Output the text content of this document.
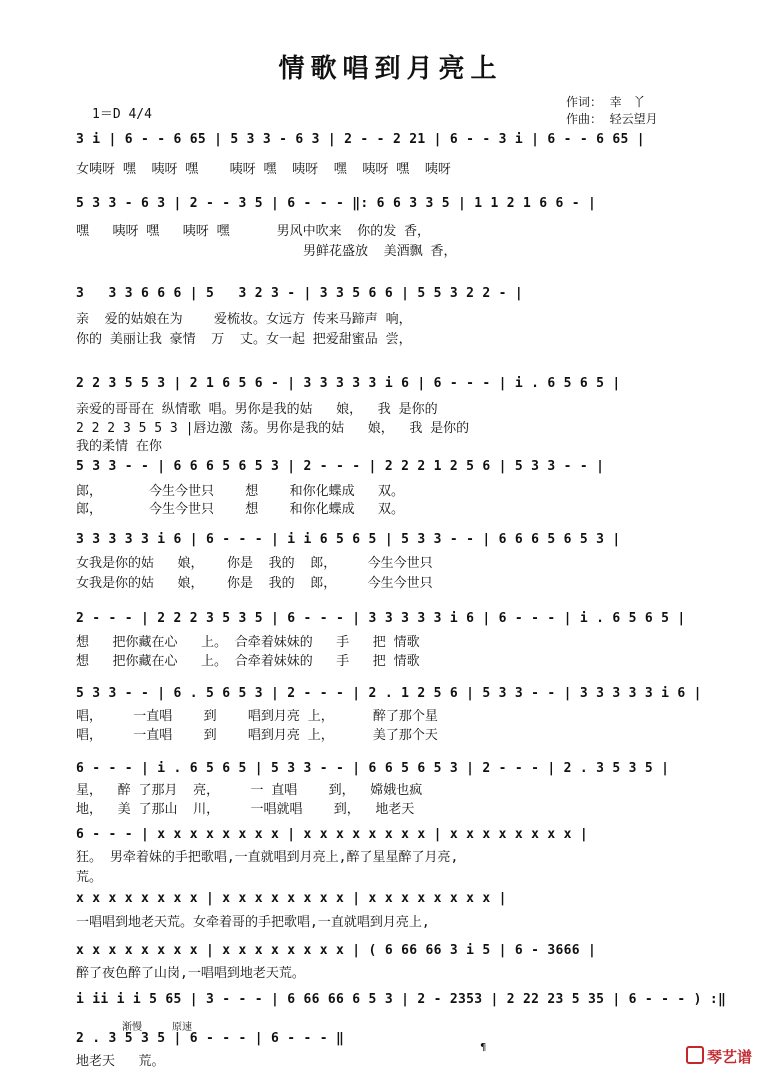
情歌唱到月亮上
1＝D 4/4
作词：  幸   丫
作曲：  轻云望月
3 i | 6 - - 6 65 | 5 3 3 - 6 3 | 2 - - 2 21 | 6 - - 3 i | 6 - - 6 65 |
女咦呀 嘿  咦呀 嘿    咦呀 嘿  咦呀  嘿  咦呀 嘿  咦呀
5 3 3 - 6 3 | 2 - - 3 5 | 6 - - - ‖: 6 6 3 3 5 | 1 1 2 1 6 6 - |
嘿   咦呀 嘿   咦呀 嘿      男风中吹来  你的发 香，
男鲜花盛放  美酒飘 香，
3   3 3 6 6 6 | 5   3 2 3 - | 3 3 5 6 6 | 5 5 3 2 2 - |
亲  爱的姑娘在为    爱梳妆。女远方 传来马蹄声 响，
你的 美丽让我 豪情  万  丈。女一起 把爱甜蜜品 尝，
2 2 3 5 5 3 | 2 1 6 5 6 - | 3 3 3 3 3 i 6 | 6 - - - | i . 6 5 6 5 |
亲爱的哥哥在 纵情歌 唱。男你是我的姑   娘，  我 是你的
2 2 2 3 5 5 3 |唇边激 荡。男你是我的姑   娘，  我 是你的
我的柔情 在你
5 3 3 - - | 6 6 6 5 6 5 3 | 2 - - - | 2 2 2 1 2 5 6 | 5 3 3 - - |
郎，      今生今世只    想    和你化蝶成   双。
郎，      今生今世只    想    和你化蝶成   双。
3 3 3 3 3 i 6 | 6 - - - | i i 6 5 6 5 | 5 3 3 - - | 6 6 6 5 6 5 3 |
女我是你的姑   娘，   你是  我的  郎，    今生今世只
女我是你的姑   娘，   你是  我的  郎，    今生今世只
2 - - - | 2 2 2 3 5 3 5 | 6 - - - | 3 3 3 3 3 i 6 | 6 - - - | i . 6 5 6 5 |
想   把你藏在心   上。 合牵着妹妹的   手   把 情歌
想   把你藏在心   上。 合牵着妹妹的   手   把 情歌
5 3 3 - - | 6 . 5 6 5 3 | 2 - - - | 2 . 1 2 5 6 | 5 3 3 - - | 3 3 3 3 3 i 6 |
唱，    一直唱    到    唱到月亮 上，     醉了那个星
唱，    一直唱    到    唱到月亮 上，     美了那个天
6 - - - | i . 6 5 6 5 | 5 3 3 - - | 6 6 5 6 5 3 | 2 - - - | 2 . 3 5 3 5 |
星，  醉 了那月  亮，    一 直唱    到，  嫦娥也疯
地，  美 了那山  川，    一唱就唱    到，  地老天
6 - - - | x x x x x x x x | x x x x x x x x | x x x x x x x x |
狂。 男牵着妹的手把歌唱,一直就唱到月亮上,醉了星星醉了月亮,
荒。
x x x x x x x x | x x x x x x x x | x x x x x x x x |
一唱唱到地老天荒。女牵着哥的手把歌唱,一直就唱到月亮上,
x x x x x x x x | x x x x x x x x | ( 6 66 66 3 i 5 | 6 - 3666 |
醉了夜色醉了山岗,一唱唱到地老天荒。
i ii i i 5 65 | 3 - - - | 6 66 66 6 5 3 | 2 - 2353 | 2 22 23 5 35 | 6 - - - ) :‖
渐慢	原速
2 . 3 5 3 5 | 6 - - - | 6 - - - ‖
地老天   荒。
¶
琴艺谱
